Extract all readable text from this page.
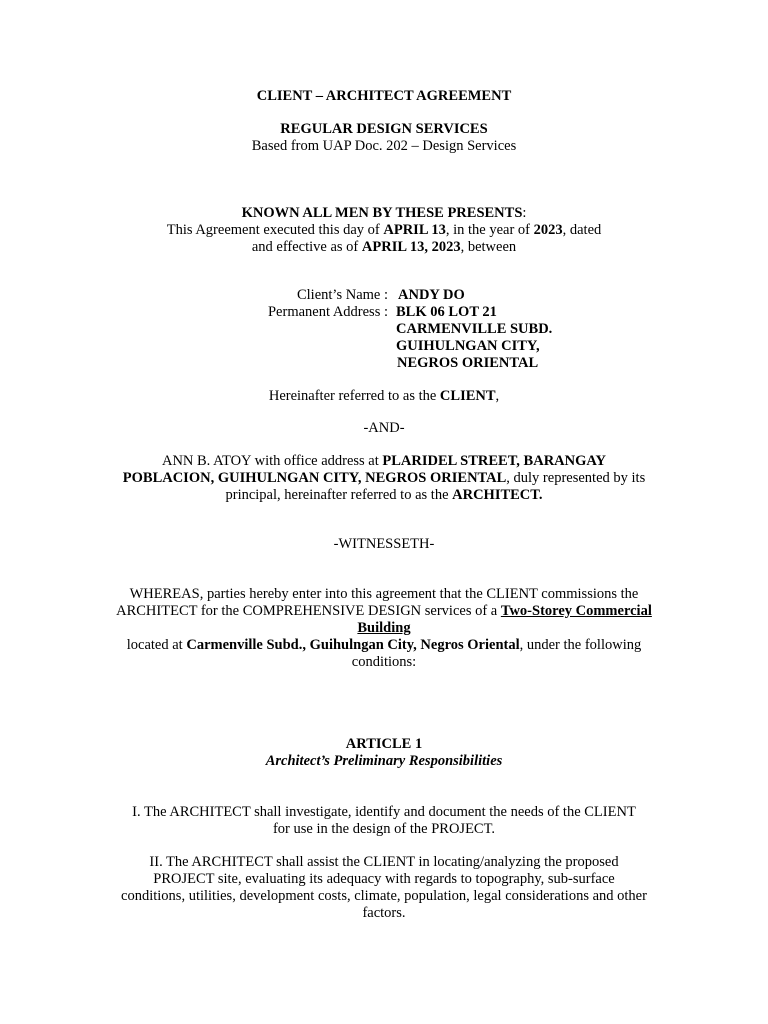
CLIENT – ARCHITECT AGREEMENT

REGULAR DESIGN SERVICES

Based from UAP Doc. 202 – Design Services

KNOWN ALL MEN BY THESE PRESENTS:

This Agreement executed this day of APRIL 13, in the year of 2023, dated

and effective as of APRIL 13, 2023, between

Client’s Name : ANDY DO
Permanent Address : BLK 06 LOT 21
CARMENVILLE SUBD.
GUIHULNGAN CITY,
NEGROS ORIENTAL

Hereinafter referred to as the CLIENT,

-AND-

ANN B. ATOY with office address at PLARIDEL STREET, BARANGAY POBLACION, GUIHULNGAN CITY, NEGROS ORIENTAL, duly represented by its principal, hereinafter referred to as the ARCHITECT.

-WITNESSETH-

WHEREAS, parties hereby enter into this agreement that the CLIENT commissions the ARCHITECT for the COMPREHENSIVE DESIGN services of a Two-Storey Commercial Building
located at Carmenville Subd., Guihulngan City, Negros Oriental, under the following conditions:

ARTICLE 1

Architect’s Preliminary Responsibilities

I. The ARCHITECT shall investigate, identify and document the needs of the CLIENT for use in the design of the PROJECT.

II. The ARCHITECT shall assist the CLIENT in locating/analyzing the proposed PROJECT site, evaluating its adequacy with regards to topography, sub-surface conditions, utilities, development costs, climate, population, legal considerations and other factors.
